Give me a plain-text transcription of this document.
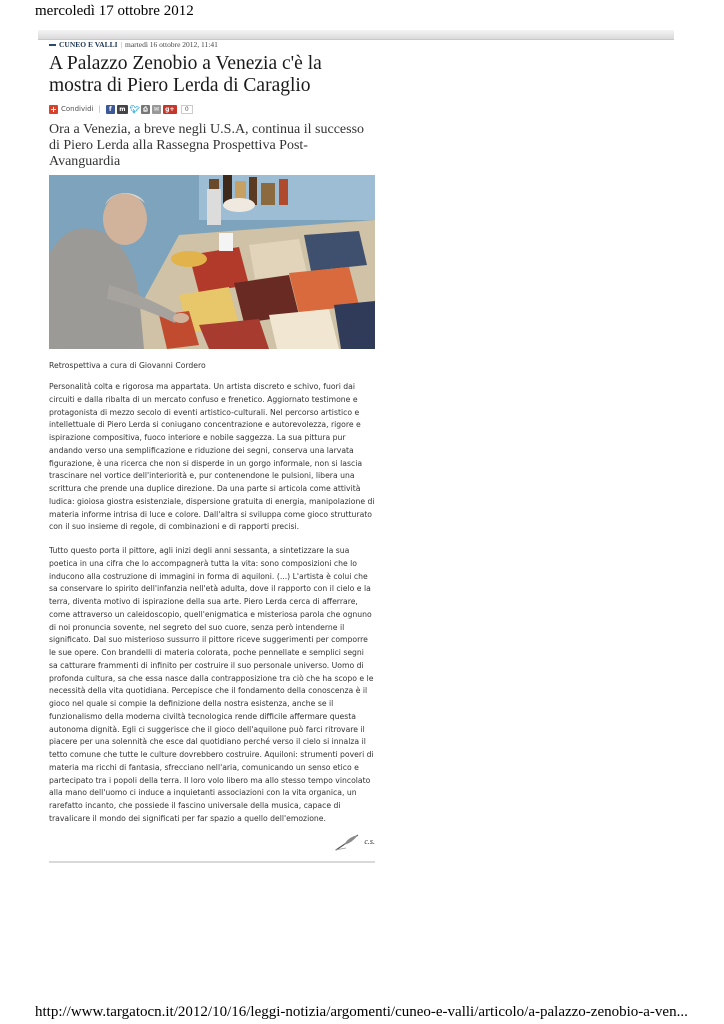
mercoledì 17 ottobre 2012
CUNEO E VALLI | martedì 16 ottobre 2012, 11:41
A Palazzo Zenobio a Venezia c'è la mostra di Piero Lerda di Caraglio
+ Condividi |	f	m 🐦︎ ⎙	✉	g+	0
Ora a Venezia, a breve negli U.S.A, continua il successo di Piero Lerda alla Rassegna Prospettiva Post-Avanguardia
Retrospettiva a cura di Giovanni Cordero

Personalità colta e rigorosa ma appartata. Un artista discreto e schivo, fuori dai circuiti e dalla ribalta di un mercato confuso e frenetico. Aggiornato testimone e protagonista di mezzo secolo di eventi artistico-culturali. Nel percorso artistico e intellettuale di Piero Lerda si coniugano concentrazione e autorevolezza, rigore e ispirazione compositiva, fuoco interiore e nobile saggezza. La sua pittura pur andando verso una semplificazione e riduzione dei segni, conserva una larvata figurazione, è una ricerca che non si disperde in un gorgo informale, non si lascia trascinare nel vortice dell'interiorità e, pur contenendone le pulsioni, libera una scrittura che prende una duplice direzione. Da una parte si articola come attività ludica: gioiosa giostra esistenziale, dispersione gratuita di energia, manipolazione di materia informe intrisa di luce e colore. Dall'altra si sviluppa come gioco strutturato con il suo insieme di regole, di combinazioni e di rapporti precisi.

Tutto questo porta il pittore, agli inizi degli anni sessanta, a sintetizzare la sua poetica in una cifra che lo accompagnerà tutta la vita: sono composizioni che lo inducono alla costruzione di immagini in forma di aquiloni. (...) L'artista è colui che sa conservare lo spirito dell'infanzia nell'età adulta, dove il rapporto con il cielo e la terra, diventa motivo di ispirazione della sua arte. Piero Lerda cerca di afferrare, come attraverso un caleidoscopio, quell'enigmatica e misteriosa parola che ognuno di noi pronuncia sovente, nel segreto del suo cuore, senza però intenderne il significato. Dal suo misterioso sussurro il pittore riceve suggerimenti per comporre le sue opere. Con brandelli di materia colorata, poche pennellate e semplici segni sa catturare frammenti di infinito per costruire il suo personale universo. Uomo di profonda cultura, sa che essa nasce dalla contrapposizione tra ciò che ha scopo e le necessità della vita quotidiana. Percepisce che il fondamento della conoscenza è il gioco nel quale si compie la definizione della nostra esistenza, anche se il funzionalismo della moderna civiltà tecnologica rende difficile affermare questa autonoma dignità. Egli ci suggerisce che il gioco dell'aquilone può farci ritrovare il piacere per una solennità che esce dal quotidiano perché verso il cielo si innalza il tetto comune che tutte le culture dovrebbero costruire. Aquiloni: strumenti poveri di materia ma ricchi di fantasia, sfrecciano nell'aria, comunicando un senso etico e partecipato tra i popoli della terra. Il loro volo libero ma allo stesso tempo vincolato alla mano dell'uomo ci induce a inquietanti associazioni con la vita organica, un rarefatto incanto, che possiede il fascino universale della musica, capace di travalicare il mondo dei significati per far spazio a quello dell'emozione.

c.s.
http://www.targatocn.it/2012/10/16/leggi-notizia/argomenti/cuneo-e-valli/articolo/a-palazzo-zenobio-a-ven...
